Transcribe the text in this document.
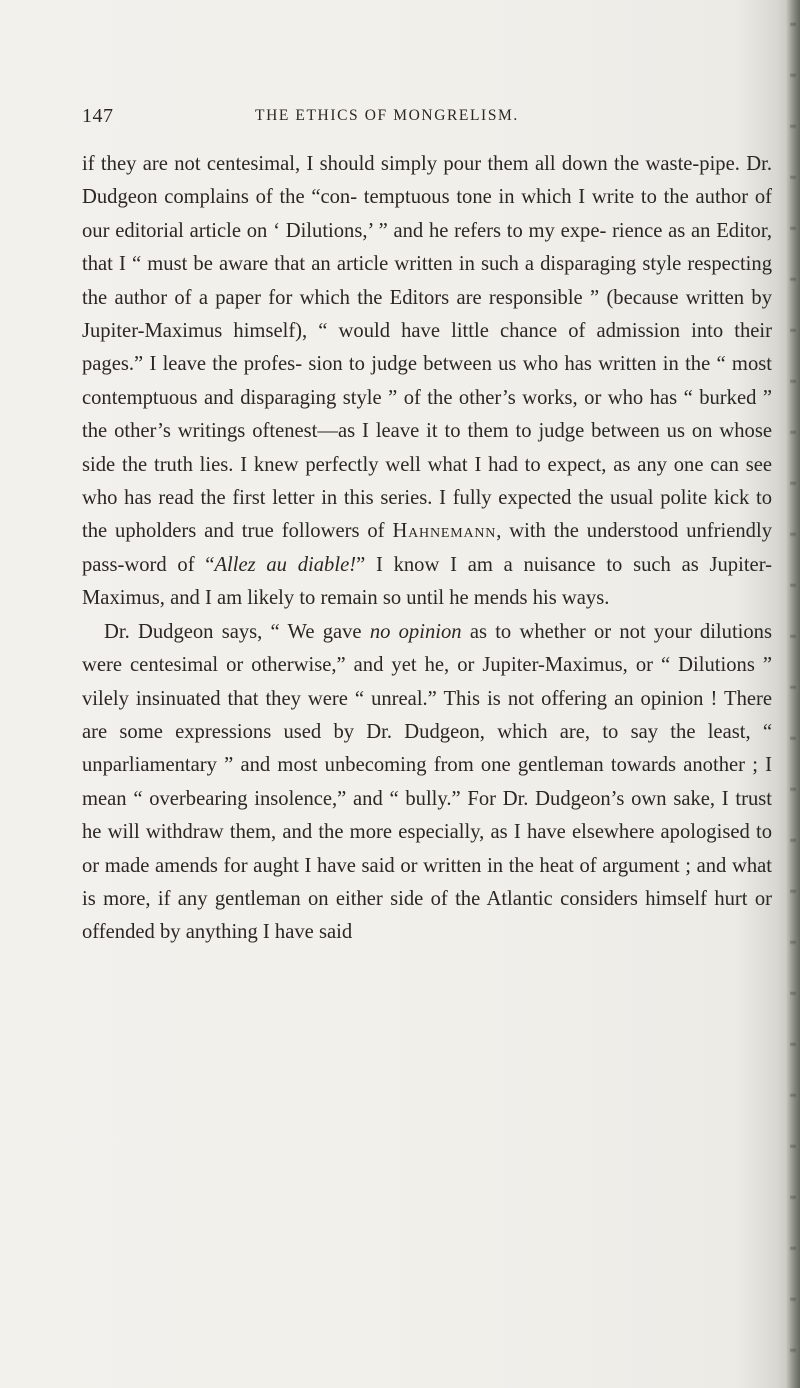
147	THE ETHICS OF MONGRELISM.

if they are not centesimal, I should simply pour them all down the waste-pipe. Dr. Dudgeon complains of the “con- temptuous tone in which I write to the author of our editorial article on ‘ Dilutions,’ ” and he refers to my expe- rience as an Editor, that I “ must be aware that an article written in such a disparaging style respecting the author of a paper for which the Editors are responsible ” (because written by Jupiter-Maximus himself), “ would have little chance of admission into their pages.” I leave the profes- sion to judge between us who has written in the “ most contemptuous and disparaging style ” of the other’s works, or who has “ burked ” the other’s writings oftenest—as I leave it to them to judge between us on whose side the truth lies. I knew perfectly well what I had to expect, as any one can see who has read the first letter in this series. I fully expected the usual polite kick to the upholders and true followers of Hahnemann, with the understood unfriendly pass-word of “Allez au diable!” I know I am a nuisance to such as Jupiter-Maximus, and I am likely to remain so until he mends his ways.

Dr. Dudgeon says, “ We gave no opinion as to whether or not your dilutions were centesimal or otherwise,” and yet he, or Jupiter-Maximus, or “ Dilutions ” vilely insinuated that they were “ unreal.” This is not offering an opinion ! There are some expressions used by Dr. Dudgeon, which are, to say the least, “ unparliamentary ” and most unbecoming from one gentleman towards another ; I mean “ overbearing insolence,” and “ bully.” For Dr. Dudgeon’s own sake, I trust he will withdraw them, and the more especially, as I have elsewhere apologised to or made amends for aught I have said or written in the heat of argument ; and what is more, if any gentleman on either side of the Atlantic considers himself hurt or offended by anything I have said
